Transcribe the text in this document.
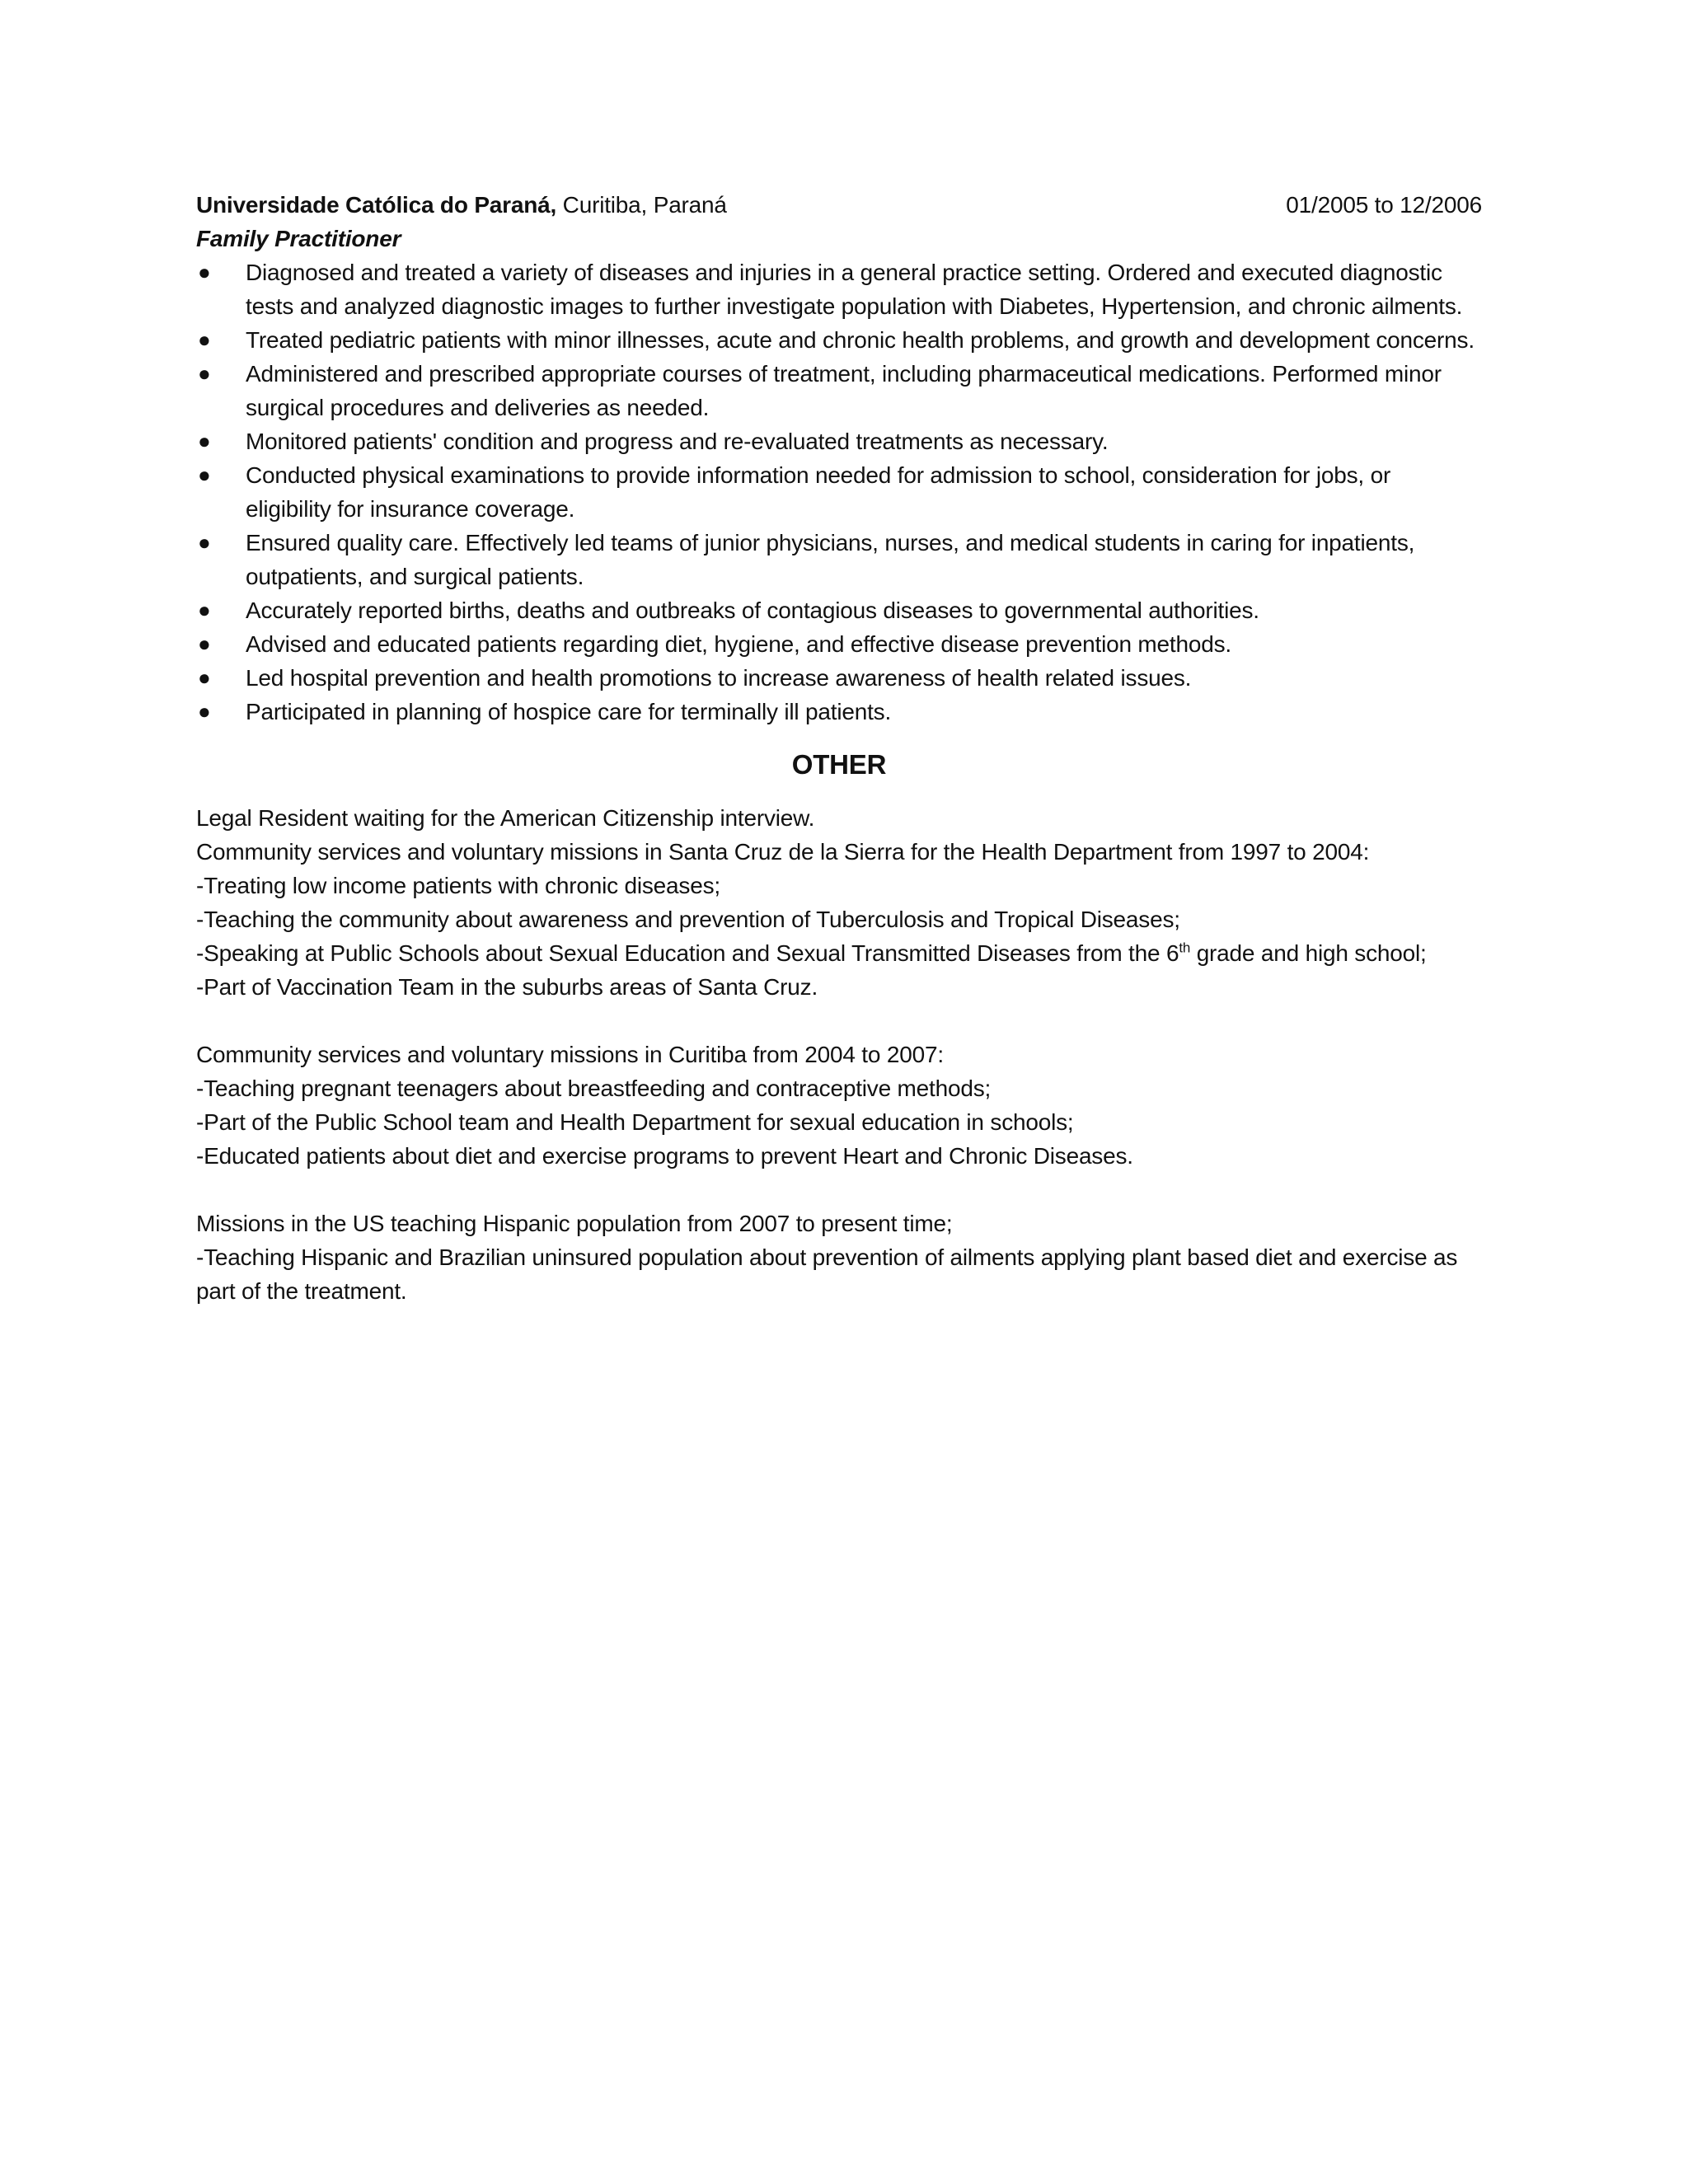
Universidade Católica do Paraná, Curitiba, Paraná	01/2005 to 12/2006
Family Practitioner
● Diagnosed and treated a variety of diseases and injuries in a general practice setting. Ordered and executed diagnostic tests and analyzed diagnostic images to further investigate population with Diabetes, Hypertension, and chronic ailments.
● Treated pediatric patients with minor illnesses, acute and chronic health problems, and growth and development concerns.
● Administered and prescribed appropriate courses of treatment, including pharmaceutical medications. Performed minor surgical procedures and deliveries as needed.
● Monitored patients' condition and progress and re-evaluated treatments as necessary.
● Conducted physical examinations to provide information needed for admission to school, consideration for jobs, or eligibility for insurance coverage.
● Ensured quality care. Effectively led teams of junior physicians, nurses, and medical students in caring for inpatients, outpatients, and surgical patients.
● Accurately reported births, deaths and outbreaks of contagious diseases to governmental authorities.
● Advised and educated patients regarding diet, hygiene, and effective disease prevention methods.
● Led hospital prevention and health promotions to increase awareness of health related issues.
● Participated in planning of hospice care for terminally ill patients.
OTHER
Legal Resident waiting for the American Citizenship interview.
Community services and voluntary missions in Santa Cruz de la Sierra for the Health Department from 1997 to 2004:
-Treating low income patients with chronic diseases;
-Teaching the community about awareness and prevention of Tuberculosis and Tropical Diseases;
-Speaking at Public Schools about Sexual Education and Sexual Transmitted Diseases from the 6th grade and high school;
-Part of Vaccination Team in the suburbs areas of Santa Cruz.
Community services and voluntary missions in Curitiba from 2004 to 2007:
-Teaching pregnant teenagers about breastfeeding and contraceptive methods;
-Part of the Public School team and Health Department for sexual education in schools;
-Educated patients about diet and exercise programs to prevent Heart and Chronic Diseases.
Missions in the US teaching Hispanic population from 2007 to present time;
-Teaching Hispanic and Brazilian uninsured population about prevention of ailments applying plant based diet and exercise as part of the treatment.
